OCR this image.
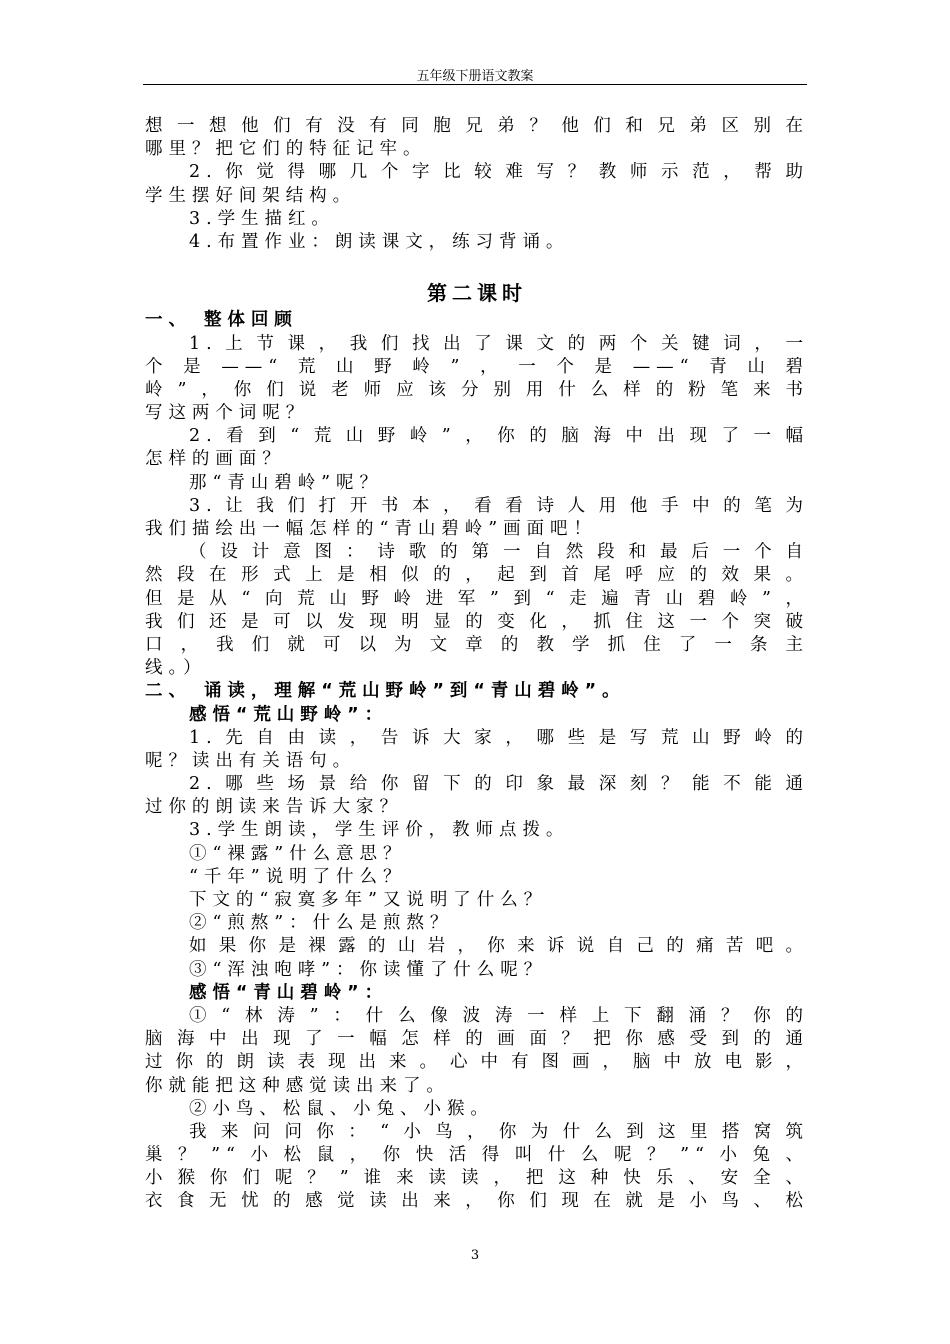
五年级下册语文教案
想一想他们有没有同胞兄弟？他们和兄弟区别在
哪里？把它们的特征记牢。
2.你觉得哪几个字比较难写？教师示范，帮助
学生摆好间架结构。
3.学生描红。
4.布置作业：朗读课文，练习背诵。
第二课时
一、 整体回顾
1.上节课，我们找出了课文的两个关键词，一
个是——“荒山野岭”，一个是——“青山碧
岭”，你们说老师应该分别用什么样的粉笔来书
写这两个词呢？
2.看到“荒山野岭”，你的脑海中出现了一幅
怎样的画面？
那“青山碧岭”呢？
3.让我们打开书本，看看诗人用他手中的笔为
我们描绘出一幅怎样的“青山碧岭”画面吧！
（设计意图：诗歌的第一自然段和最后一个自
然段在形式上是相似的，起到首尾呼应的效果。
但是从“向荒山野岭进军”到“走遍青山碧岭”，
我们还是可以发现明显的变化，抓住这一个突破
口，我们就可以为文章的教学抓住了一条主
线。）
二、 诵读，理解“荒山野岭”到“青山碧岭”。
感悟“荒山野岭”：
1.先自由读，告诉大家，哪些是写荒山野岭的
呢？读出有关语句。
2.哪些场景给你留下的印象最深刻？能不能通
过你的朗读来告诉大家？
3.学生朗读，学生评价，教师点拨。
①“裸露”什么意思？
“千年”说明了什么？
下文的“寂寞多年”又说明了什么？
②“煎熬”：什么是煎熬？
如果你是裸露的山岩，你来诉说自己的痛苦吧。
③“浑浊咆哮”：你读懂了什么呢？
感悟“青山碧岭”：
①“林涛”：什么像波涛一样上下翻涌？你的
脑海中出现了一幅怎样的画面？把你感受到的通
过你的朗读表现出来。心中有图画，脑中放电影，
你就能把这种感觉读出来了。
②小鸟、松鼠、小兔、小猴。
我来问问你：“小鸟，你为什么到这里搭窝筑
巢？”“小松鼠，你快活得叫什么呢？”“小兔、
小猴你们呢？”谁来读读，把这种快乐、安全、
衣食无忧的感觉读出来，你们现在就是小鸟、松
3
